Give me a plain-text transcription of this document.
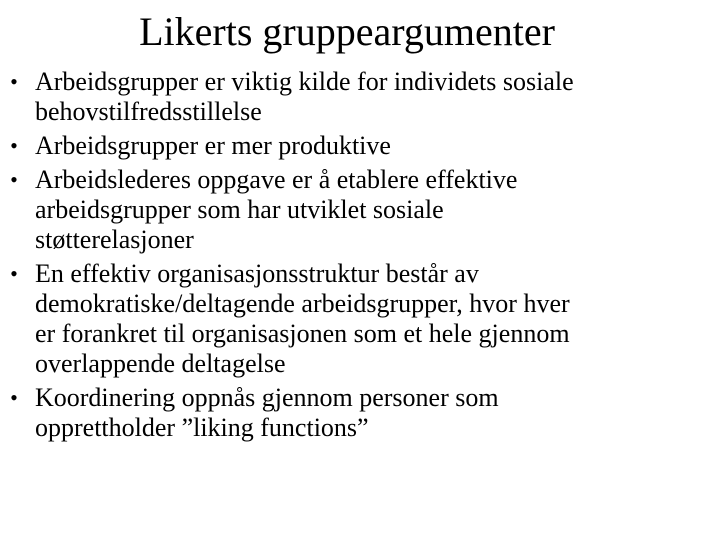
Likerts gruppeargumenter
• Arbeidsgrupper er viktig kilde for individets sosiale
behovstilfredsstillelse
• Arbeidsgrupper er mer produktive
• Arbeidslederes oppgave er å etablere effektive
arbeidsgrupper som har utviklet sosiale
støtterelasjoner
• En effektiv organisasjonsstruktur består av
demokratiske/deltagende arbeidsgrupper, hvor hver
er forankret til organisasjonen som et hele gjennom
overlappende deltagelse
• Koordinering oppnås gjennom personer som
opprettholder ”liking functions”
